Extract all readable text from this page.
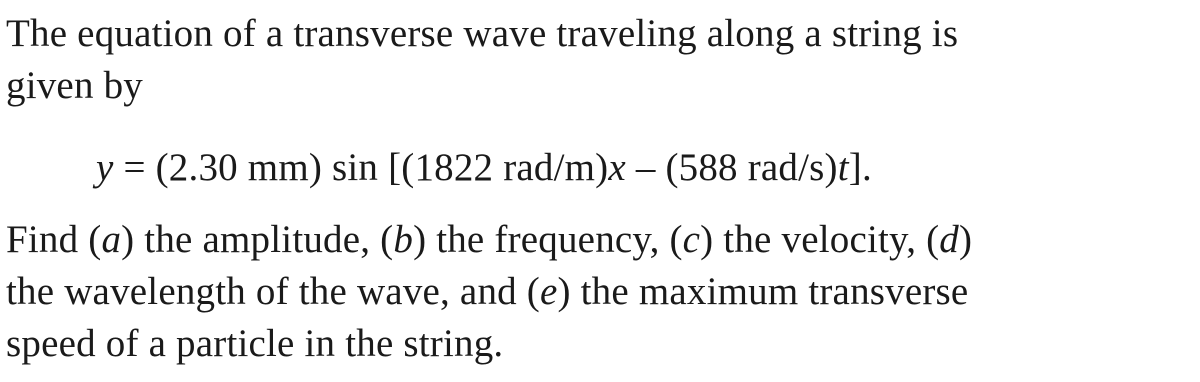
The equation of a transverse wave traveling along a string is
given by
y = (2.30 mm) sin [(1822 rad/m)x – (588 rad/s)t].
Find (a) the amplitude, (b) the frequency, (c) the velocity, (d)
the wavelength of the wave, and (e) the maximum transverse
speed of a particle in the string.
